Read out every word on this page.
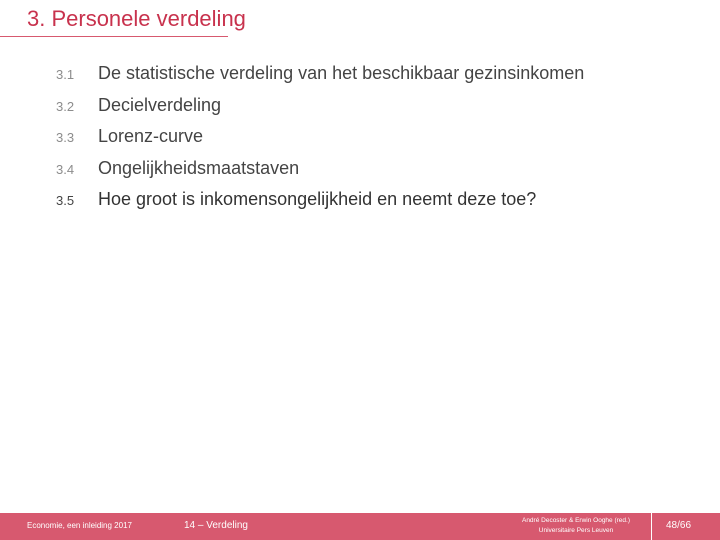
3. Personele verdeling
3.1	De statistische verdeling van het beschikbaar gezinsinkomen
3.2	Decielverdeling
3.3	Lorenz-curve
3.4	Ongelijkheidsmaatstaven
3.5	Hoe groot is inkomensongelijkheid en neemt deze toe?
Economie, een inleiding 2017	14 – Verdeling	André Decoster & Erwin Ooghe (red.)
Universitaire Pers Leuven	48/66
